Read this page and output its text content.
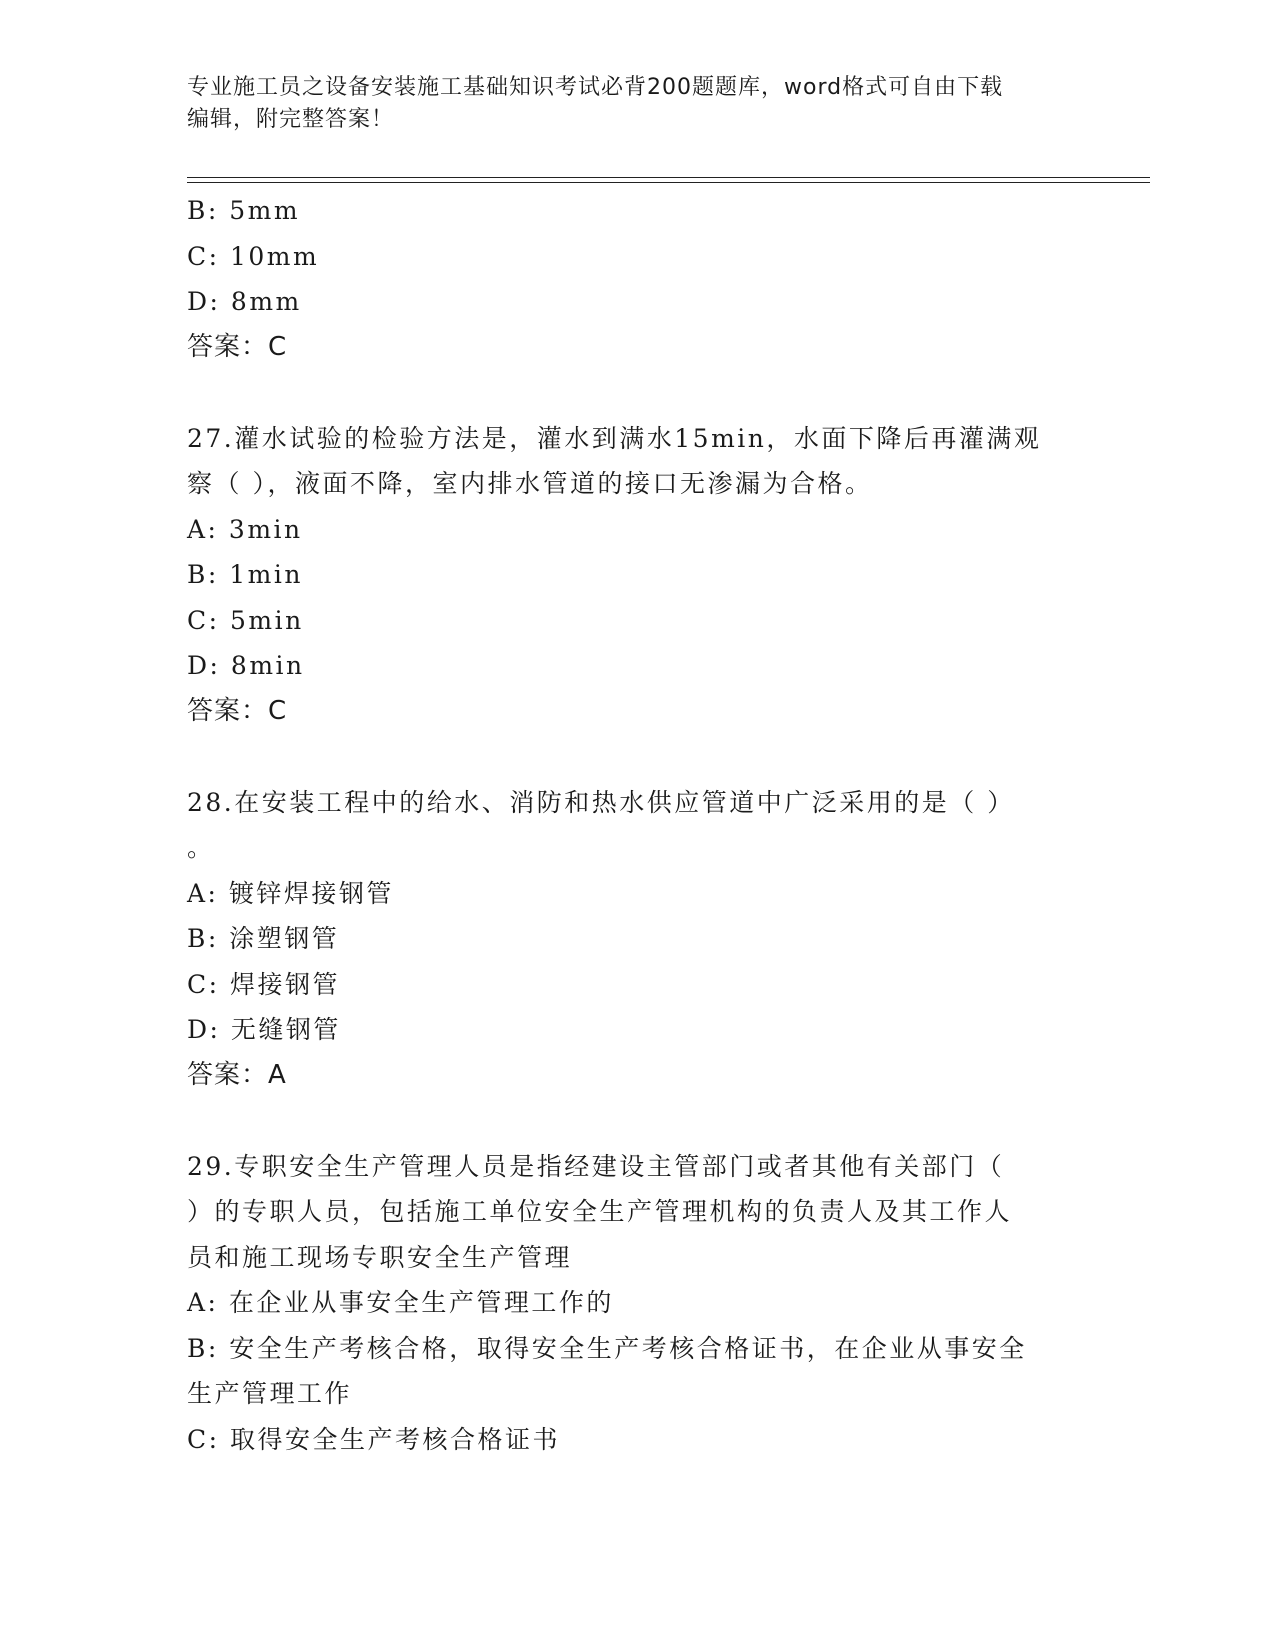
专业施工员之设备安装施工基础知识考试必背200题题库，word格式可自由下载
编辑，附完整答案！
B: 5mm
C: 10mm
D: 8mm
答案：C
27.灌水试验的检验方法是，灌水到满水15min，水面下降后再灌满观
察（ ），液面不降，室内排水管道的接口无渗漏为合格。
A: 3min
B: 1min
C: 5min
D: 8min
答案：C
28.在安装工程中的给水、消防和热水供应管道中广泛采用的是（ ）
。
A: 镀锌焊接钢管
B: 涂塑钢管
C: 焊接钢管
D: 无缝钢管
答案：A
29.专职安全生产管理人员是指经建设主管部门或者其他有关部门（
）的专职人员，包括施工单位安全生产管理机构的负责人及其工作人
员和施工现场专职安全生产管理
A: 在企业从事安全生产管理工作的
B: 安全生产考核合格，取得安全生产考核合格证书，在企业从事安全
生产管理工作
C: 取得安全生产考核合格证书
